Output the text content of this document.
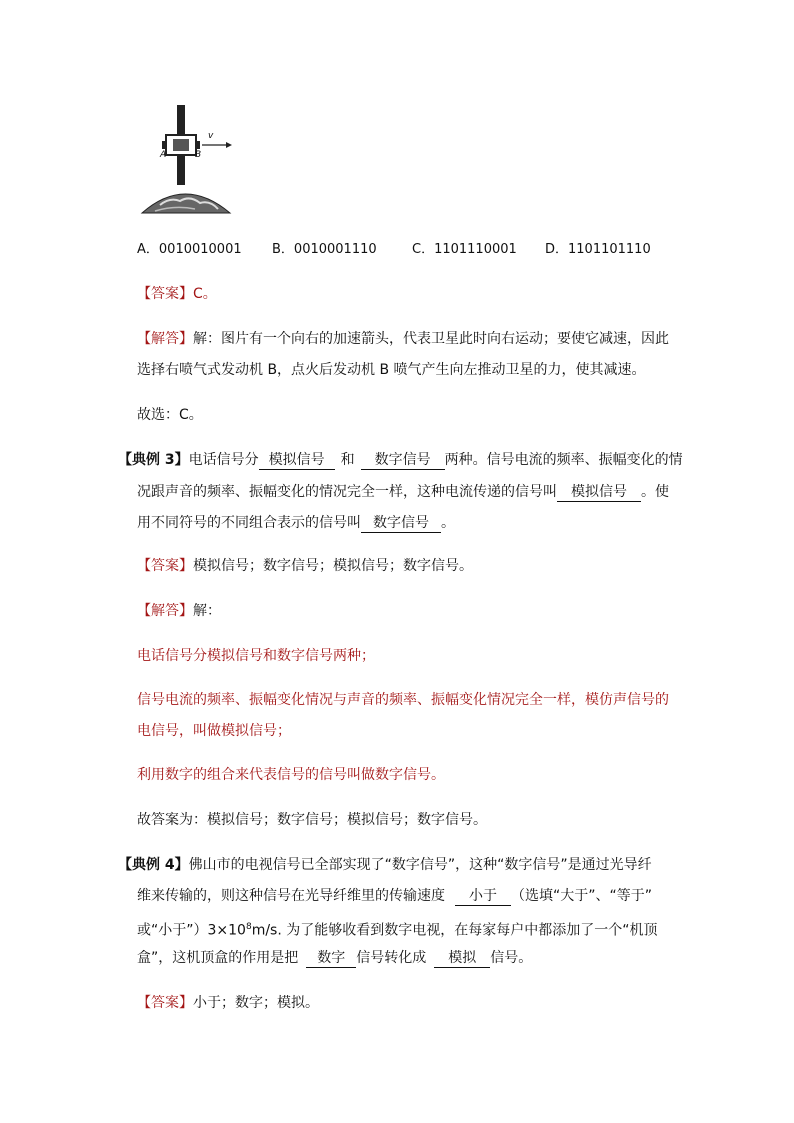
A	B
v
A．0010010001 B．0010001110	C．1101110001 D．1101101110
【答案】C。
【解答】解：图片有一个向右的加速箭头，代表卫星此时向右运动；要使它减速，因此
选择右喷气式发动机 B，点火后发动机 B 喷气产生向左推动卫星的力，使其减速。
故选：C。
【典例 3】电话信号分 模拟信号 和 数字信号 两种。信号电流的频率、振幅变化的情
况跟声音的频率、振幅变化的情况完全一样，这种电流传递的信号叫 模拟信号 。使
用不同符号的不同组合表示的信号叫 数字信号 。
【答案】模拟信号；数字信号；模拟信号；数字信号。
【解答】解：
电话信号分模拟信号和数字信号两种；
信号电流的频率、振幅变化情况与声音的频率、振幅变化情况完全一样，模仿声信号的
电信号，叫做模拟信号；
利用数字的组合来代表信号的信号叫做数字信号。
故答案为：模拟信号；数字信号；模拟信号；数字信号。
【典例 4】佛山市的电视信号已全部实现了“数字信号”，这种“数字信号”是通过光导纤
维来传输的，则这种信号在光导纤维里的传输速度 小于 （选填“大于”、“等于”
或“小于$”)3\times 10^8m/s$. 为了能够收看到数字电视，在每家每户中都添加了一个“机顶
盒”，这机顶盒的作用是把 数字 信号转化成 模拟 信号。
【答案】小于；数字；模拟。
